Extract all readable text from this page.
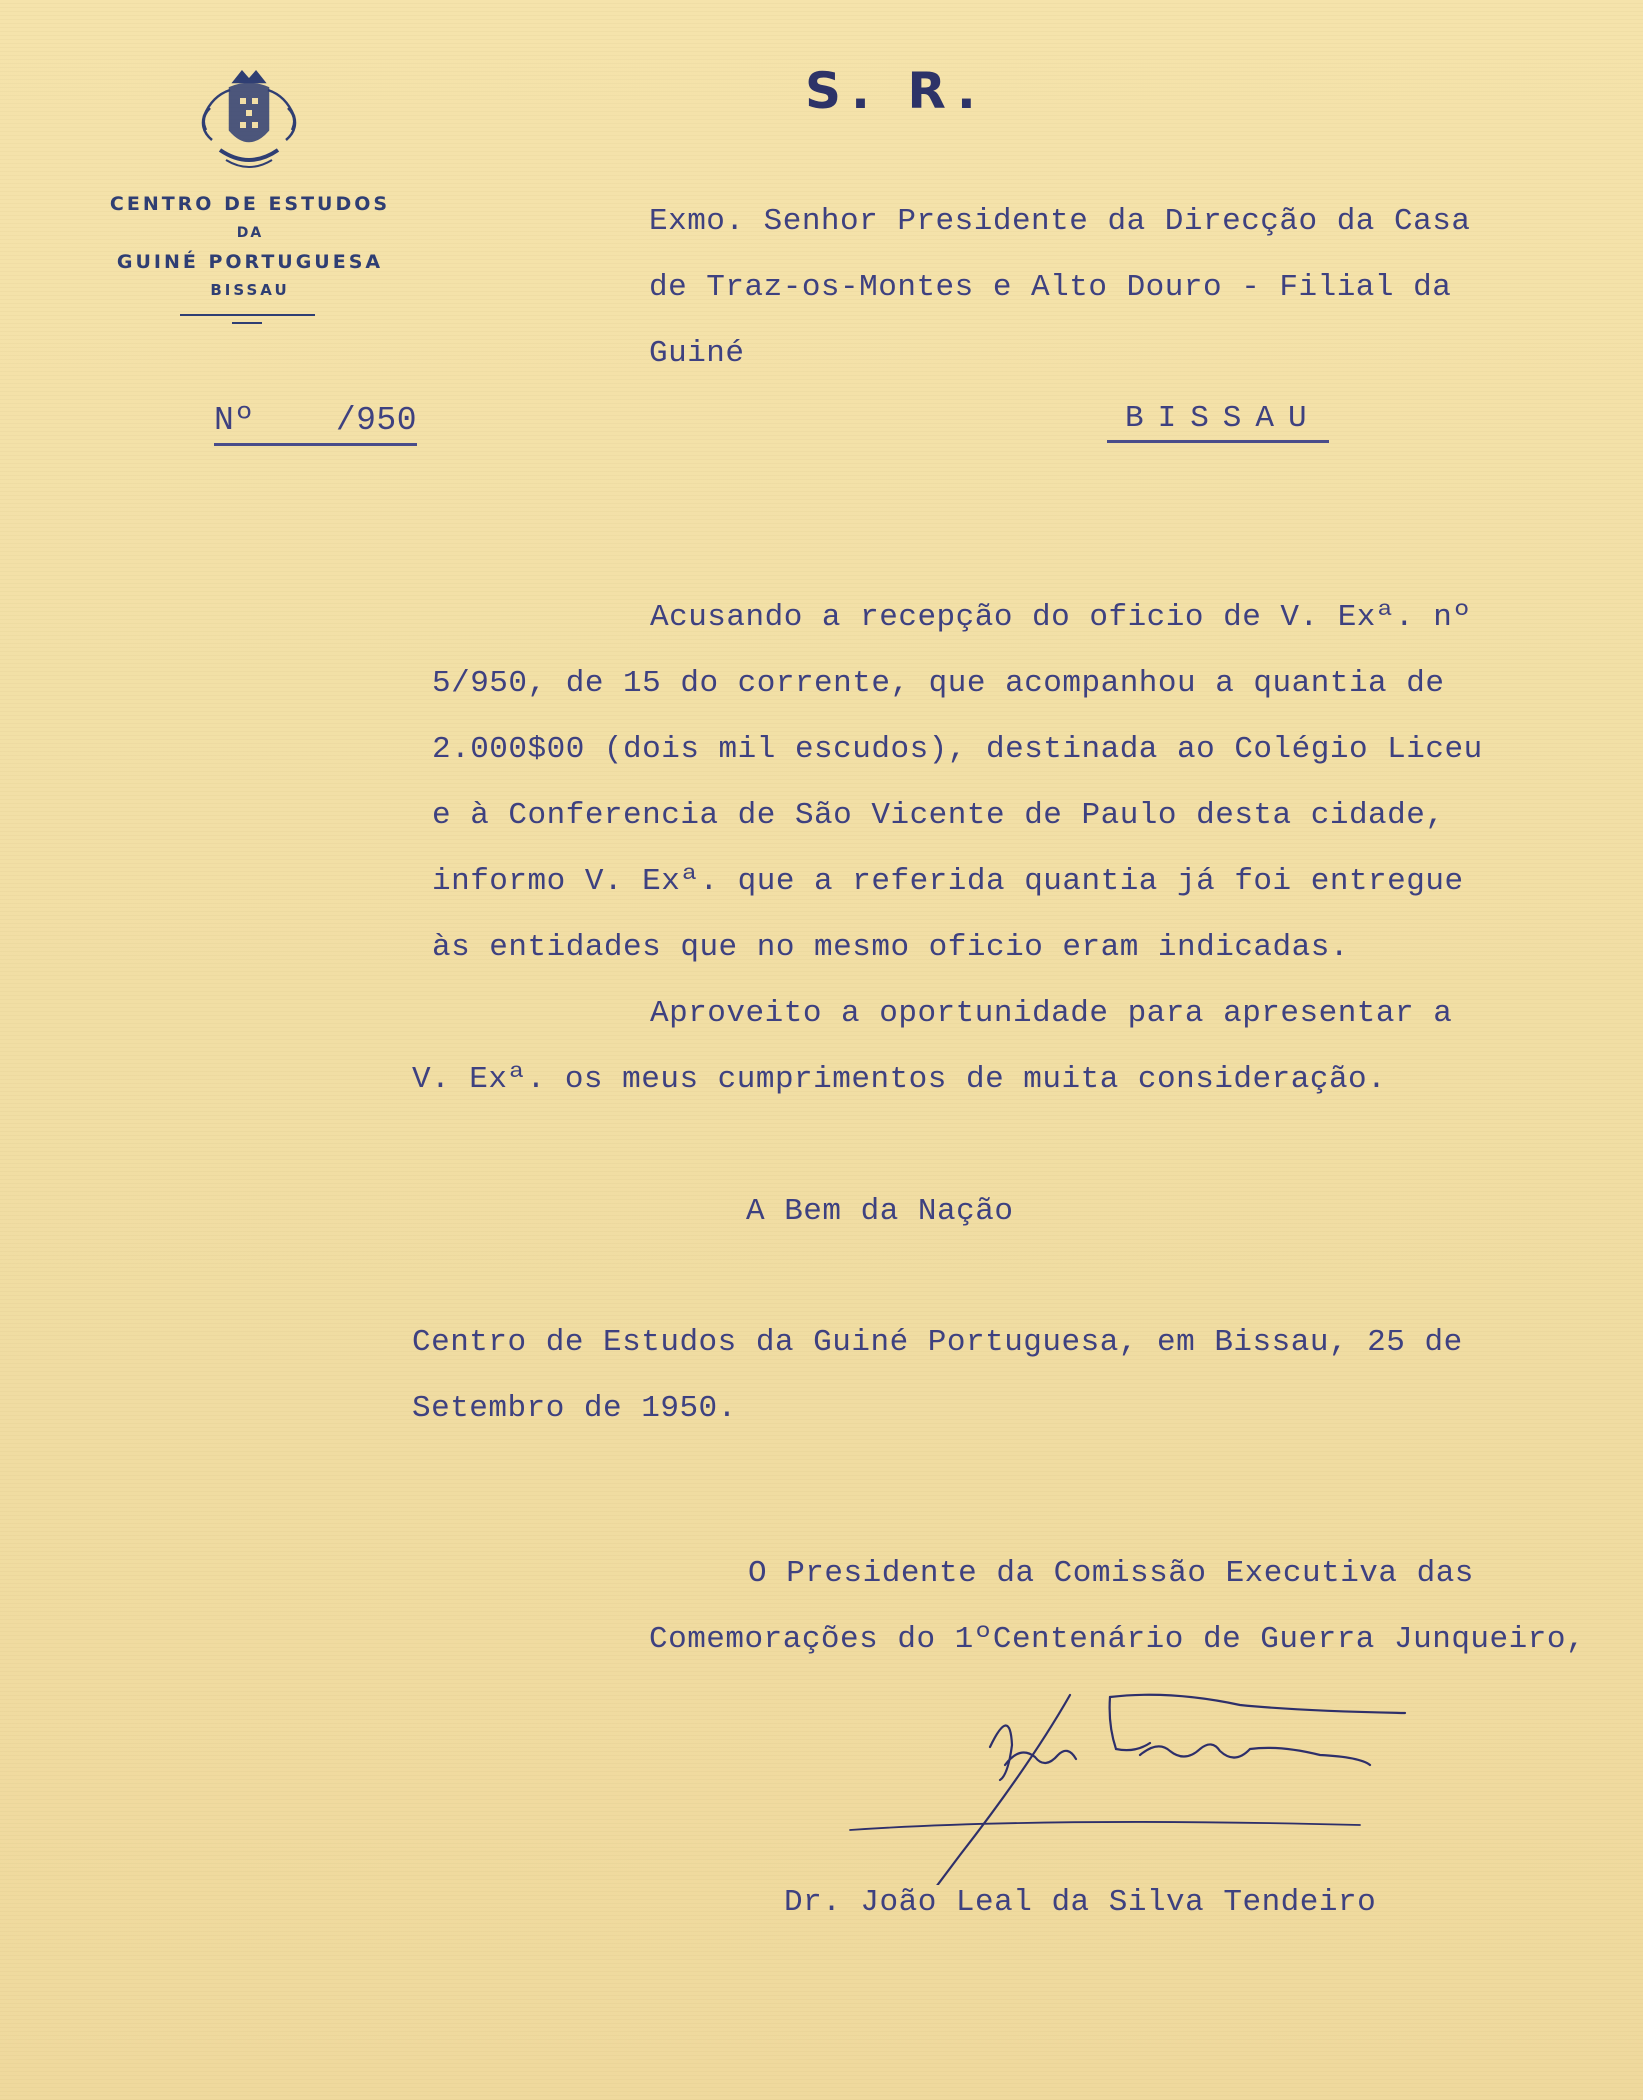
CENTRO DE ESTUDOS
DA
GUINÉ PORTUGUESA
BISSAU
S. R.
Nº /950
Exmo. Senhor Presidente da Direcção da Casa
de Traz-os-Montes e Alto Douro - Filial da
Guiné
BISSAU
Acusando a recepção do oficio de V. Exª. nº
5/950, de 15 do corrente, que acompanhou a quantia de
2.000$00 (dois mil escudos), destinada ao Colégio Liceu
e à Conferencia de São Vicente de Paulo desta cidade,
informo V. Exª. que a referida quantia já foi entregue
às entidades que no mesmo oficio eram indicadas.
Aproveito a oportunidade para apresentar a
V. Exª. os meus cumprimentos de muita consideração.
A Bem da Nação
Centro de Estudos da Guiné Portuguesa, em Bissau, 25 de
Setembro de 1950.
O Presidente da Comissão Executiva das
Comemorações do 1ºCentenário de Guerra Junqueiro,
Dr. João Leal da Silva Tendeiro
